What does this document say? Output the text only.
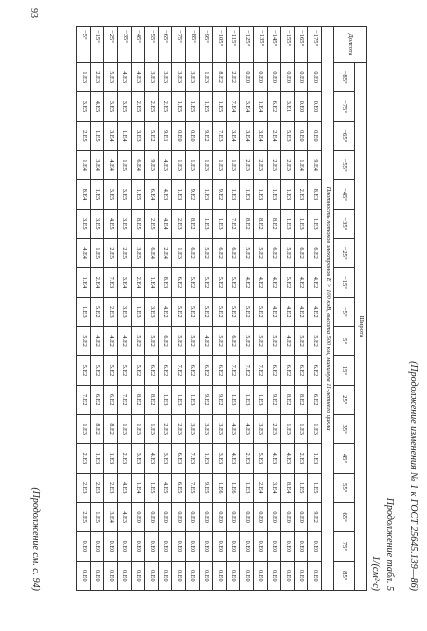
(Продолжение изменения № 1 к ГОСТ 25645.139—86)
Продолжение табл. 5
1/(см²·с)
Долгота	Широта																	
	−85°	−75°	−65°	−55°	−45°	−35°	−25°	−15°	−5°	5°	15°	25°	35°	45°	55°	65°	75°	85°
Плотность потоков электронов Е > 100 кэВ, высота 500 км, минимум 11-летнего цикла																		
−175°	0.E0	0.E0	0.E0	9.E4	8.E3	1.E3	6.E2	4.E2	4.E2	5.E2	6.E2	6.E2	1.E3	1.E3	1.E5	9.E2	0.E0	0.E0
−165°	0.E0	0.E0	0.E0	1.E4	2.E3	1.E3	6.E2	4.E2	4.E2	5.E2	6.E2	8.E2	1.E3	2.E3	1.E5	0.E0	0.E0	0.E0
−155°	0.E0	3.E1	5.E3	2.E3	1.E3	1.E3	5.E2	5.E2	4.E2	4.E2	6.E2	8.E2	1.E3	4.E3	8.E4	0.E0	0.E0	0.E0
−145°	0.E0	6.E2	2.E4	2.E3	1.E3	8.E2	6.E2	4.E2	4.E2	5.E2	6.E2	9.E2	2.E3	4.E3	3.E4	0.E0	0.E0	0.E0
−135°	0.E0	1.E4	3.E4	2.E3	1.E3	8.E2	5.E2	4.E2	5.E2	5.E2	7.E2	1.E3	3.E3	5.E3	2.E4	0.E0	0.E0	0.E0
−125°	0.E0	3.E4	3.E4	2.E3	1.E3	8.E2	5.E2	4.E2	5.E2	5.E2	7.E2	1.E3	4.E3	2.E3	1.E3	0.E0	0.E0	0.E0
−115°	2.E2	7.E4	3.E4	1.E3	1.E3	7.E2	6.E2	5.E2	5.E2	6.E2	7.E2	1.E3	4.E3	4.E3	1.E6	0.E0	0.E0	0.E0
−105°	8.E2	1.E5	7.E3	1.E3	9.E2	1.E3	6.E2	5.E2	5.E2	5.E2	6.E2	9.E2	3.E3	3.E3	1.E6	0.E0	0.E0	0.E0
−95°	1.E3	1.E5	9.E2	1.E3	1.E3	1.E3	5.E2	5.E2	5.E2	4.E2	6.E2	9.E2	3.E3	1.E3	9.E5	0.E0	0.E0	0.E0
−85°	3.E3	1.E5	0.E0	1.E3	9.E2	8.E2	6.E2	5.E2	5.E2	5.E2	6.E2	1.E3	3.E3	7.E3	7.E5	0.E0	0.E0	0.E0
−75°	3.E3	1.E5	0.E0	1.E3	1.E3	2.E3	1.E3	6.E2	5.E2	5.E2	7.E2	1.E3	2.E3	6.E3	6.E5	0.E0	0.E0	0.E0
−65°	3.E3	2.E5	9.E1	4.E3	4.E3	4.E4	2.E4	8.E3	4.E2	6.E2	6.E2	1.E3	2.E3	3.E3	4.E5	0.E0	0.E0	0.E0
−55°	3.E3	2.E5	5.E2	9.E3	6.E4	2.E5	6.E4	1.E4	3.E3	5.E2	6.E2	8.E2	1.E3	4.E3	1.E5	0.E0	0.E0	0.E0
−45°	4.E3	2.E5	3.E3	6.E4	1.E5	8.E5	3.E5	2.E4	1.E3	5.E2	5.E2	8.E2	1.E3	3.E3	1.E4	0.E0	0.E0	0.E0
−35°	4.E3	3.E5	1.E4	1.E5	3.E5	3.E5	2.E5	3.E4	3.E3	4.E2	5.E2	7.E2	1.E3	2.E3	4.E3	4.E3	0.E0	0.E0
−25°	5.E3	3.E5	3.E4	4.E4	3.E5	4.E5	2.E5	7.E3	2.E3	4.E2	5.E2	6.E2	8.E2	1.E3	2.E3	3.E4	0.E0	0.E0
−15°	2.E3	4.E5	1.E5	3.E4	1.E5	3.E5	1.E5	2.E4	5.E2	4.E2	5.E2	6.E2	8.E2	1.E3	2.E3	1.E5	0.E0	0.E0
−5°	1.E3	3.E5	2.E5	1.E4	8.E4	3.E5	4.E4	1.E4	1.E3	5.E2	5.E2	7.E2	1.E3	2.E3	2.E3	2.E5	0.E0	0.E0
93
(Продолжение см. с. 94)
